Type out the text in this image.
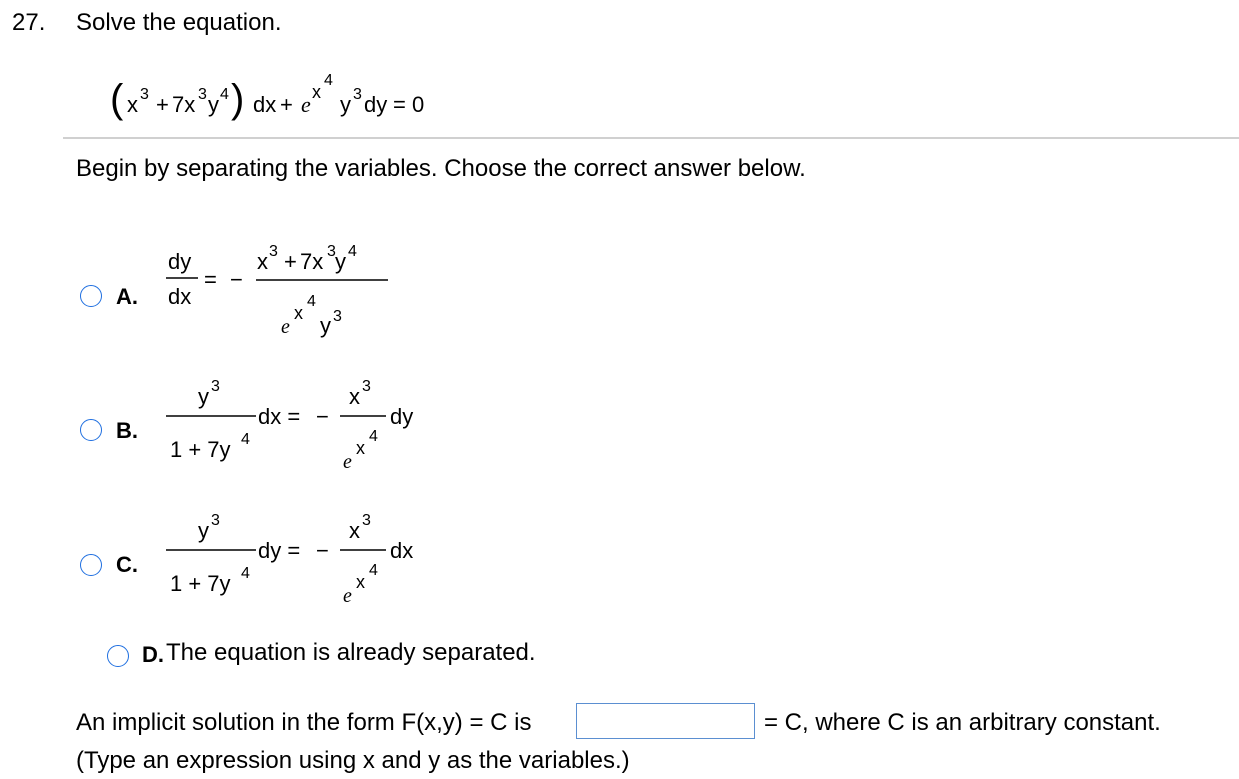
27. Solve the equation.
( x 3 + 7x 3 y 4 ) dx + e x
4
y 3 dy = 0
Begin by separating the variables. Choose the correct answer below.
A.
dy
dx
= −
x 3 + 7x 3 y 4
e
x
4
y 3
B.
y 3
1 + 7y 4
dx = −
x 3
e
x
4
dy
C.
y 3
1 + 7y 4
dy = −
x 3
e
x
4
dx
D. The equation is already separated.
An implicit solution in the form F(x,y) = C is	= C, where C is an arbitrary constant.
(Type an expression using x and y as the variables.)
